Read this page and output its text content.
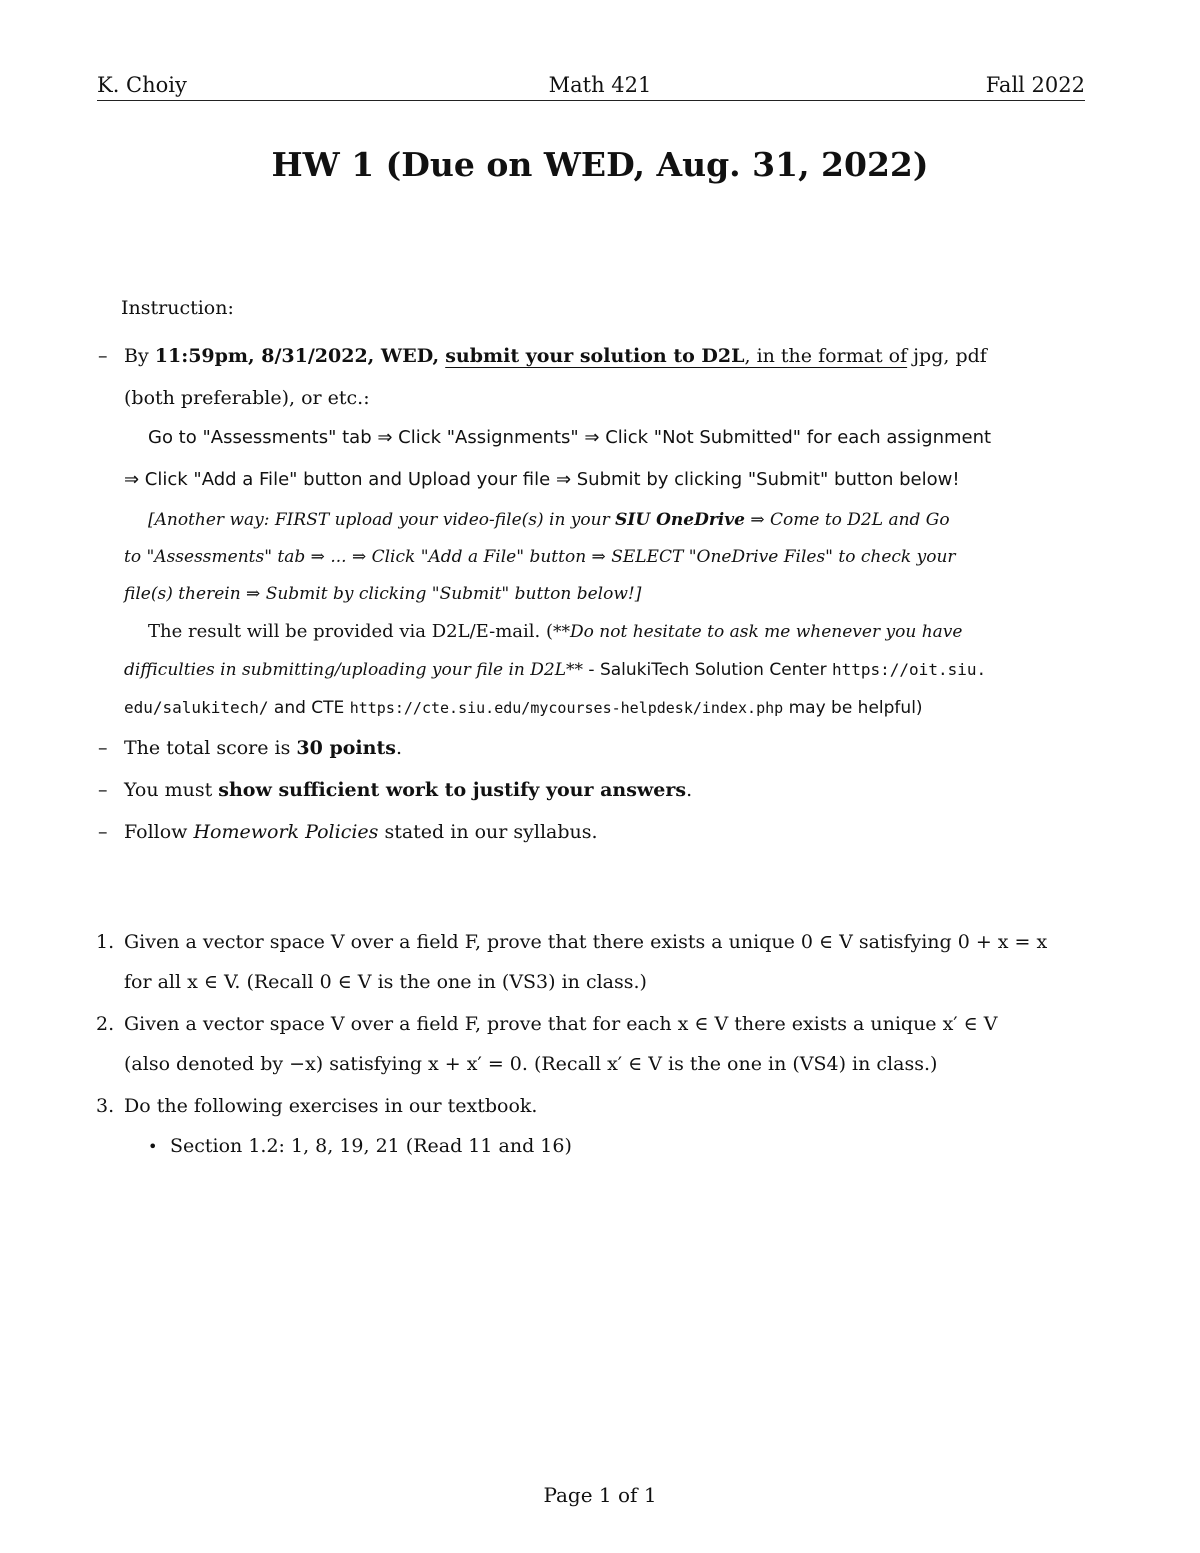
K. Choiy	Math 421	Fall 2022
HW 1 (Due on WED, Aug. 31, 2022)
Instruction:
– By 11:59pm, 8/31/2022, WED, submit your solution to D2L, in the format of jpg, pdf
(both preferable), or etc.:
Go to "Assessments" tab ⇒ Click "Assignments" ⇒ Click "Not Submitted" for each assignment
⇒ Click "Add a File" button and Upload your file ⇒ Submit by clicking "Submit" button below!
[Another way: FIRST upload your video-file(s) in your SIU OneDrive ⇒ Come to D2L and Go
to "Assessments" tab ⇒ ... ⇒ Click "Add a File" button ⇒ SELECT "OneDrive Files" to check your
file(s) therein ⇒ Submit by clicking "Submit" button below!]
The result will be provided via D2L/E-mail. (**Do not hesitate to ask me whenever you have
difficulties in submitting/uploading your file in D2L** - SalukiTech Solution Center https://oit.siu.
edu/salukitech/ and CTE https://cte.siu.edu/mycourses-helpdesk/index.php may be helpful)
– The total score is 30 points.
– You must show sufficient work to justify your answers.
– Follow Homework Policies stated in our syllabus.
1. Given a vector space V over a field F, prove that there exists a unique 0 ∈ V satisfying 0 + x = x
for all x ∈ V. (Recall 0 ∈ V is the one in (VS3) in class.)
2. Given a vector space V over a field F, prove that for each x ∈ V there exists a unique x′ ∈ V
(also denoted by −x) satisfying x + x′ = 0. (Recall x′ ∈ V is the one in (VS4) in class.)
3. Do the following exercises in our textbook.
• Section 1.2: 1, 8, 19, 21 (Read 11 and 16)
Page 1 of 1
